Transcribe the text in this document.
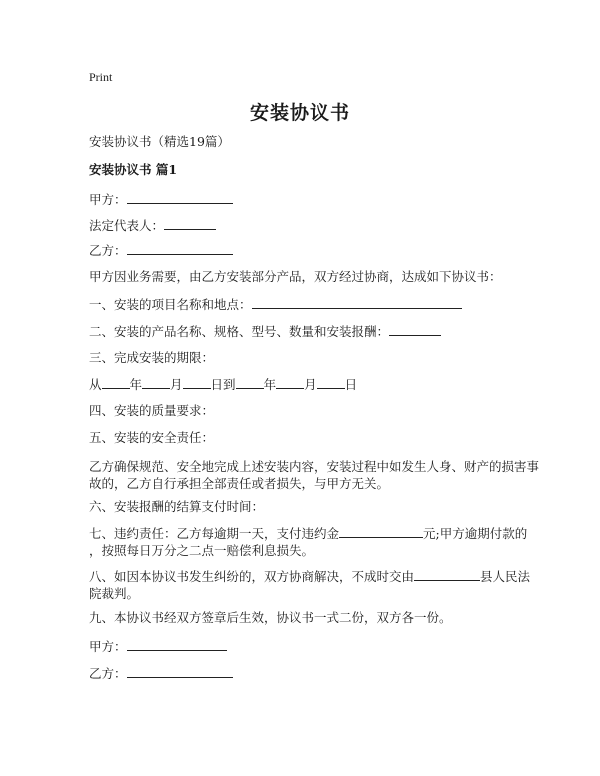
Print
安装协议书
安装协议书（精选19篇）
安装协议书 篇1
甲方：
法定代表人：
乙方：
甲方因业务需要，由乙方安装部分产品，双方经过协商，达成如下协议书：
一、安装的项目名称和地点：
二、安装的产品名称、规格、型号、数量和安装报酬：
三、完成安装的期限：
从 年 月 日到 年 月 日
四、安装的质量要求：
五、安装的安全责任：
乙方确保规范、安全地完成上述安装内容，安装过程中如发生人身、财产的损害事
故的，乙方自行承担全部责任或者损失，与甲方无关。
六、安装报酬的结算支付时间：
七、违约责任：乙方每逾期一天，支付违约金	元;甲方逾期付款的
，按照每日万分之二点一赔偿利息损失。
八、如因本协议书发生纠纷的，双方协商解决，不成时交由	县人民法
院裁判。
九、本协议书经双方签章后生效，协议书一式二份，双方各一份。
甲方：
乙方：
